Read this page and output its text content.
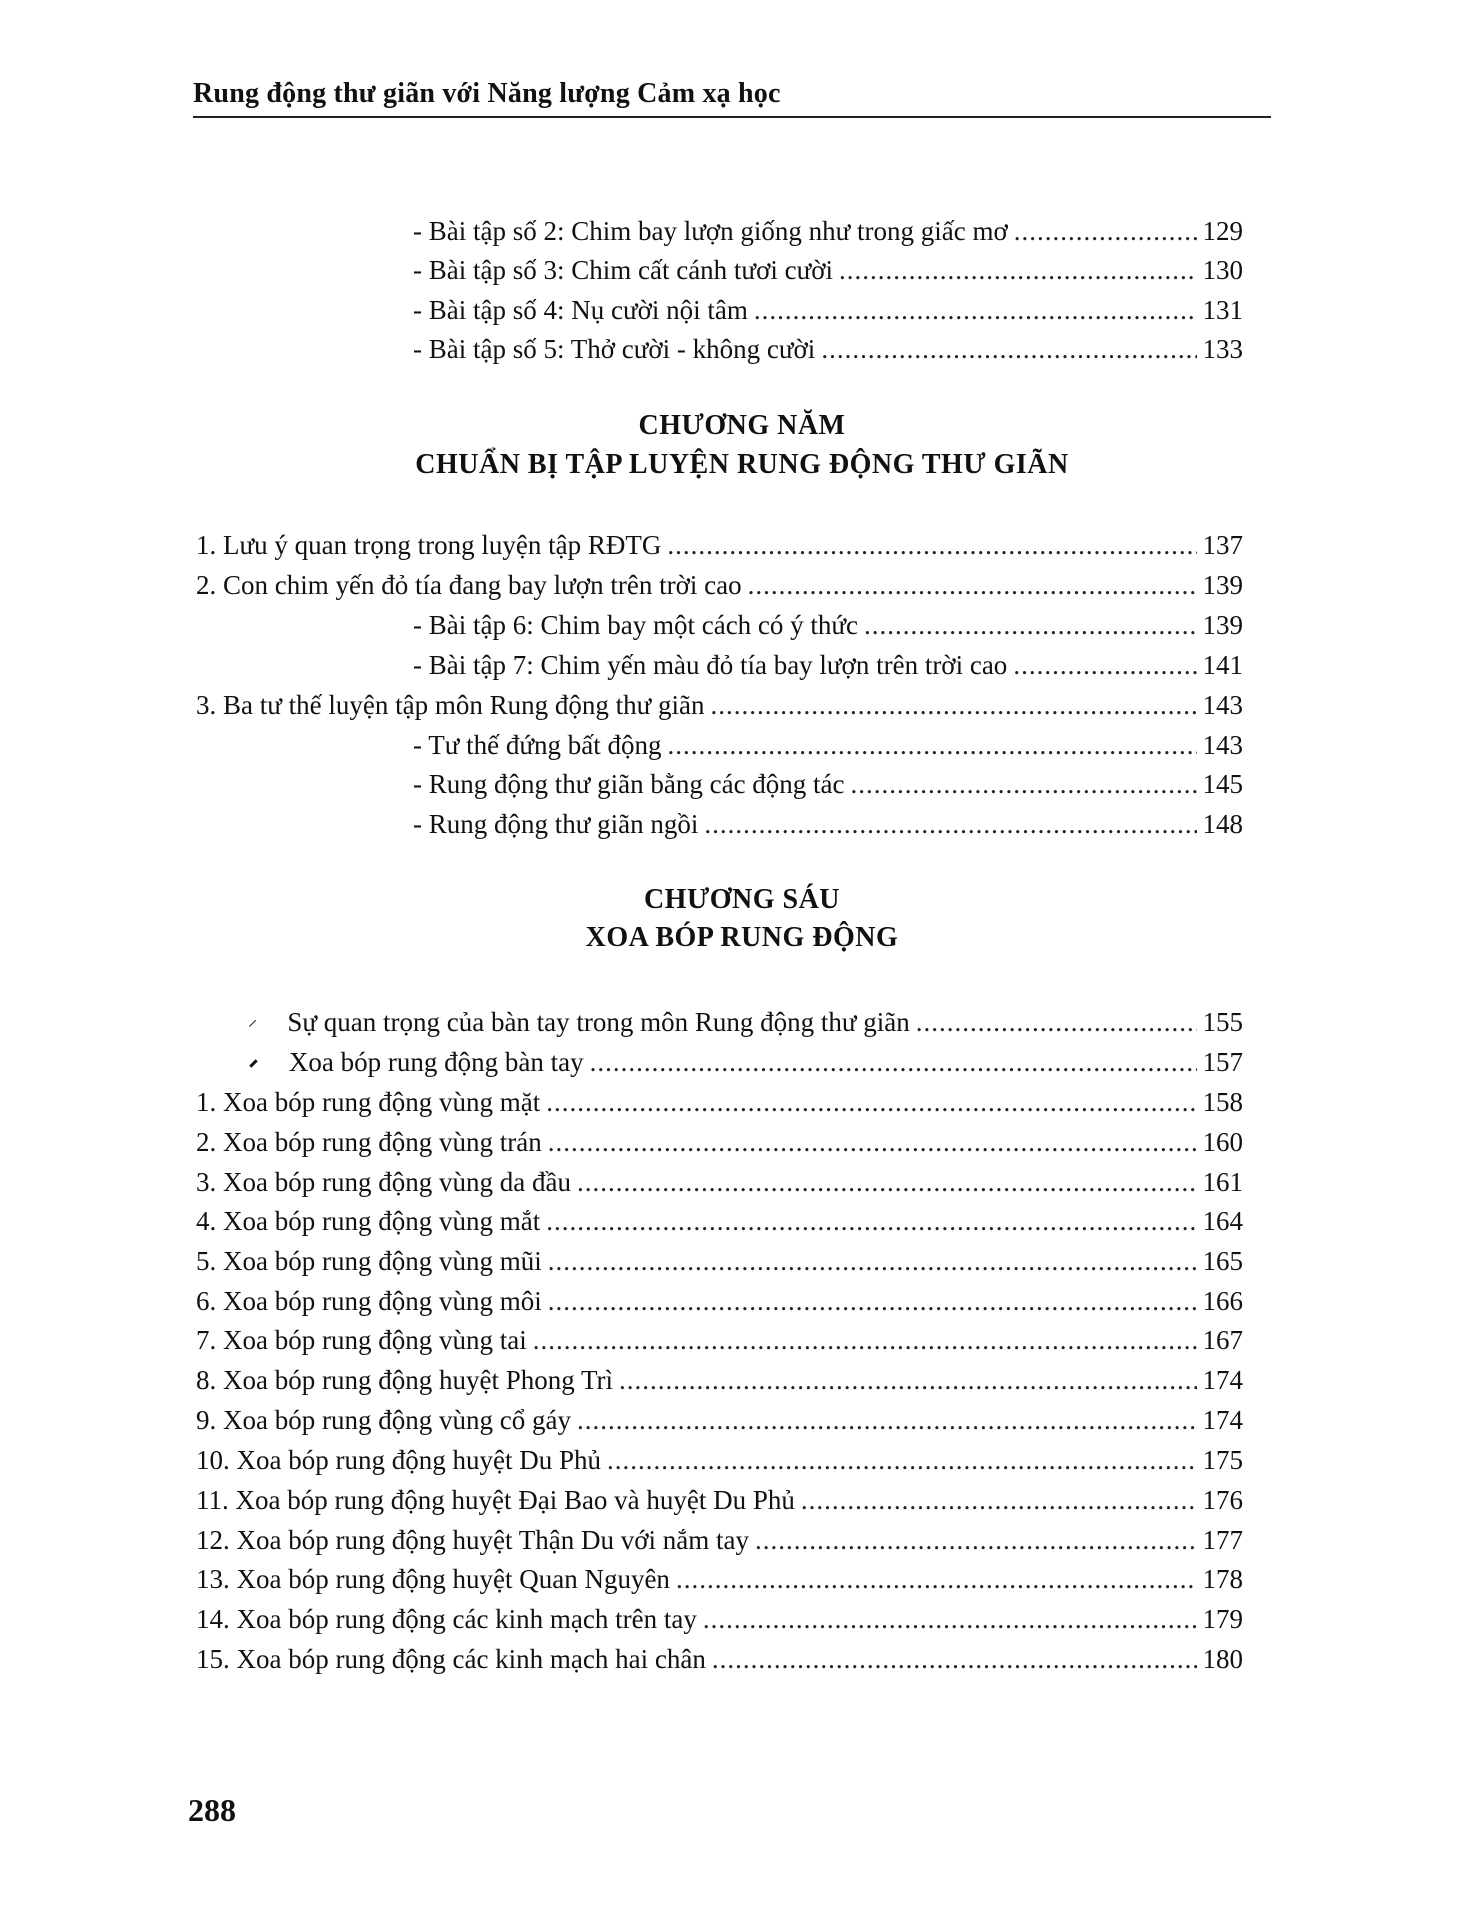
Rung động thư giãn với Năng lượng Cảm xạ học
- Bài tập số 2: Chim bay lượn giống như trong giấc mơ .....	129
- Bài tập số 3: Chim cất cánh tươi cười .....	130
- Bài tập số 4: Nụ cười nội tâm .....	131
- Bài tập số 5: Thở cười - không cười .....	133
CHƯƠNG NĂM
CHUẨN BỊ TẬP LUYỆN RUNG ĐỘNG THƯ GIÃN
1. Lưu ý quan trọng trong luyện tập RĐTG .....	137
2. Con chim yến đỏ tía đang bay lượn trên trời cao .....	139
- Bài tập 6: Chim bay một cách có ý thức .....	139
- Bài tập 7: Chim yến màu đỏ tía bay lượn trên trời cao .....	141
3. Ba tư thế luyện tập môn Rung động thư giãn .....	143
- Tư thế đứng bất động .....	143
- Rung động thư giãn bằng các động tác .....	145
- Rung động thư giãn ngồi .....	148
CHƯƠNG SÁU
XOA BÓP RUNG ĐỘNG
Sự quan trọng của bàn tay trong môn Rung động thư giãn .....	155
Xoa bóp rung động bàn tay .....	157
1. Xoa bóp rung động vùng mặt .....	158
2. Xoa bóp rung động vùng trán .....	160
3. Xoa bóp rung động vùng da đầu .....	161
4. Xoa bóp rung động vùng mắt .....	164
5. Xoa bóp rung động vùng mũi .....	165
6. Xoa bóp rung động vùng môi .....	166
7. Xoa bóp rung động vùng tai .....	167
8. Xoa bóp rung động huyệt Phong Trì .....	174
9. Xoa bóp rung động vùng cổ gáy .....	174
10. Xoa bóp rung động huyệt Du Phủ .....	175
11. Xoa bóp rung động huyệt Đại Bao và huyệt Du Phủ .....	176
12. Xoa bóp rung động huyệt Thận Du với nắm tay .....	177
13. Xoa bóp rung động huyệt Quan Nguyên .....	178
14. Xoa bóp rung động các kinh mạch trên tay .....	179
15. Xoa bóp rung động các kinh mạch hai chân .....	180
288
